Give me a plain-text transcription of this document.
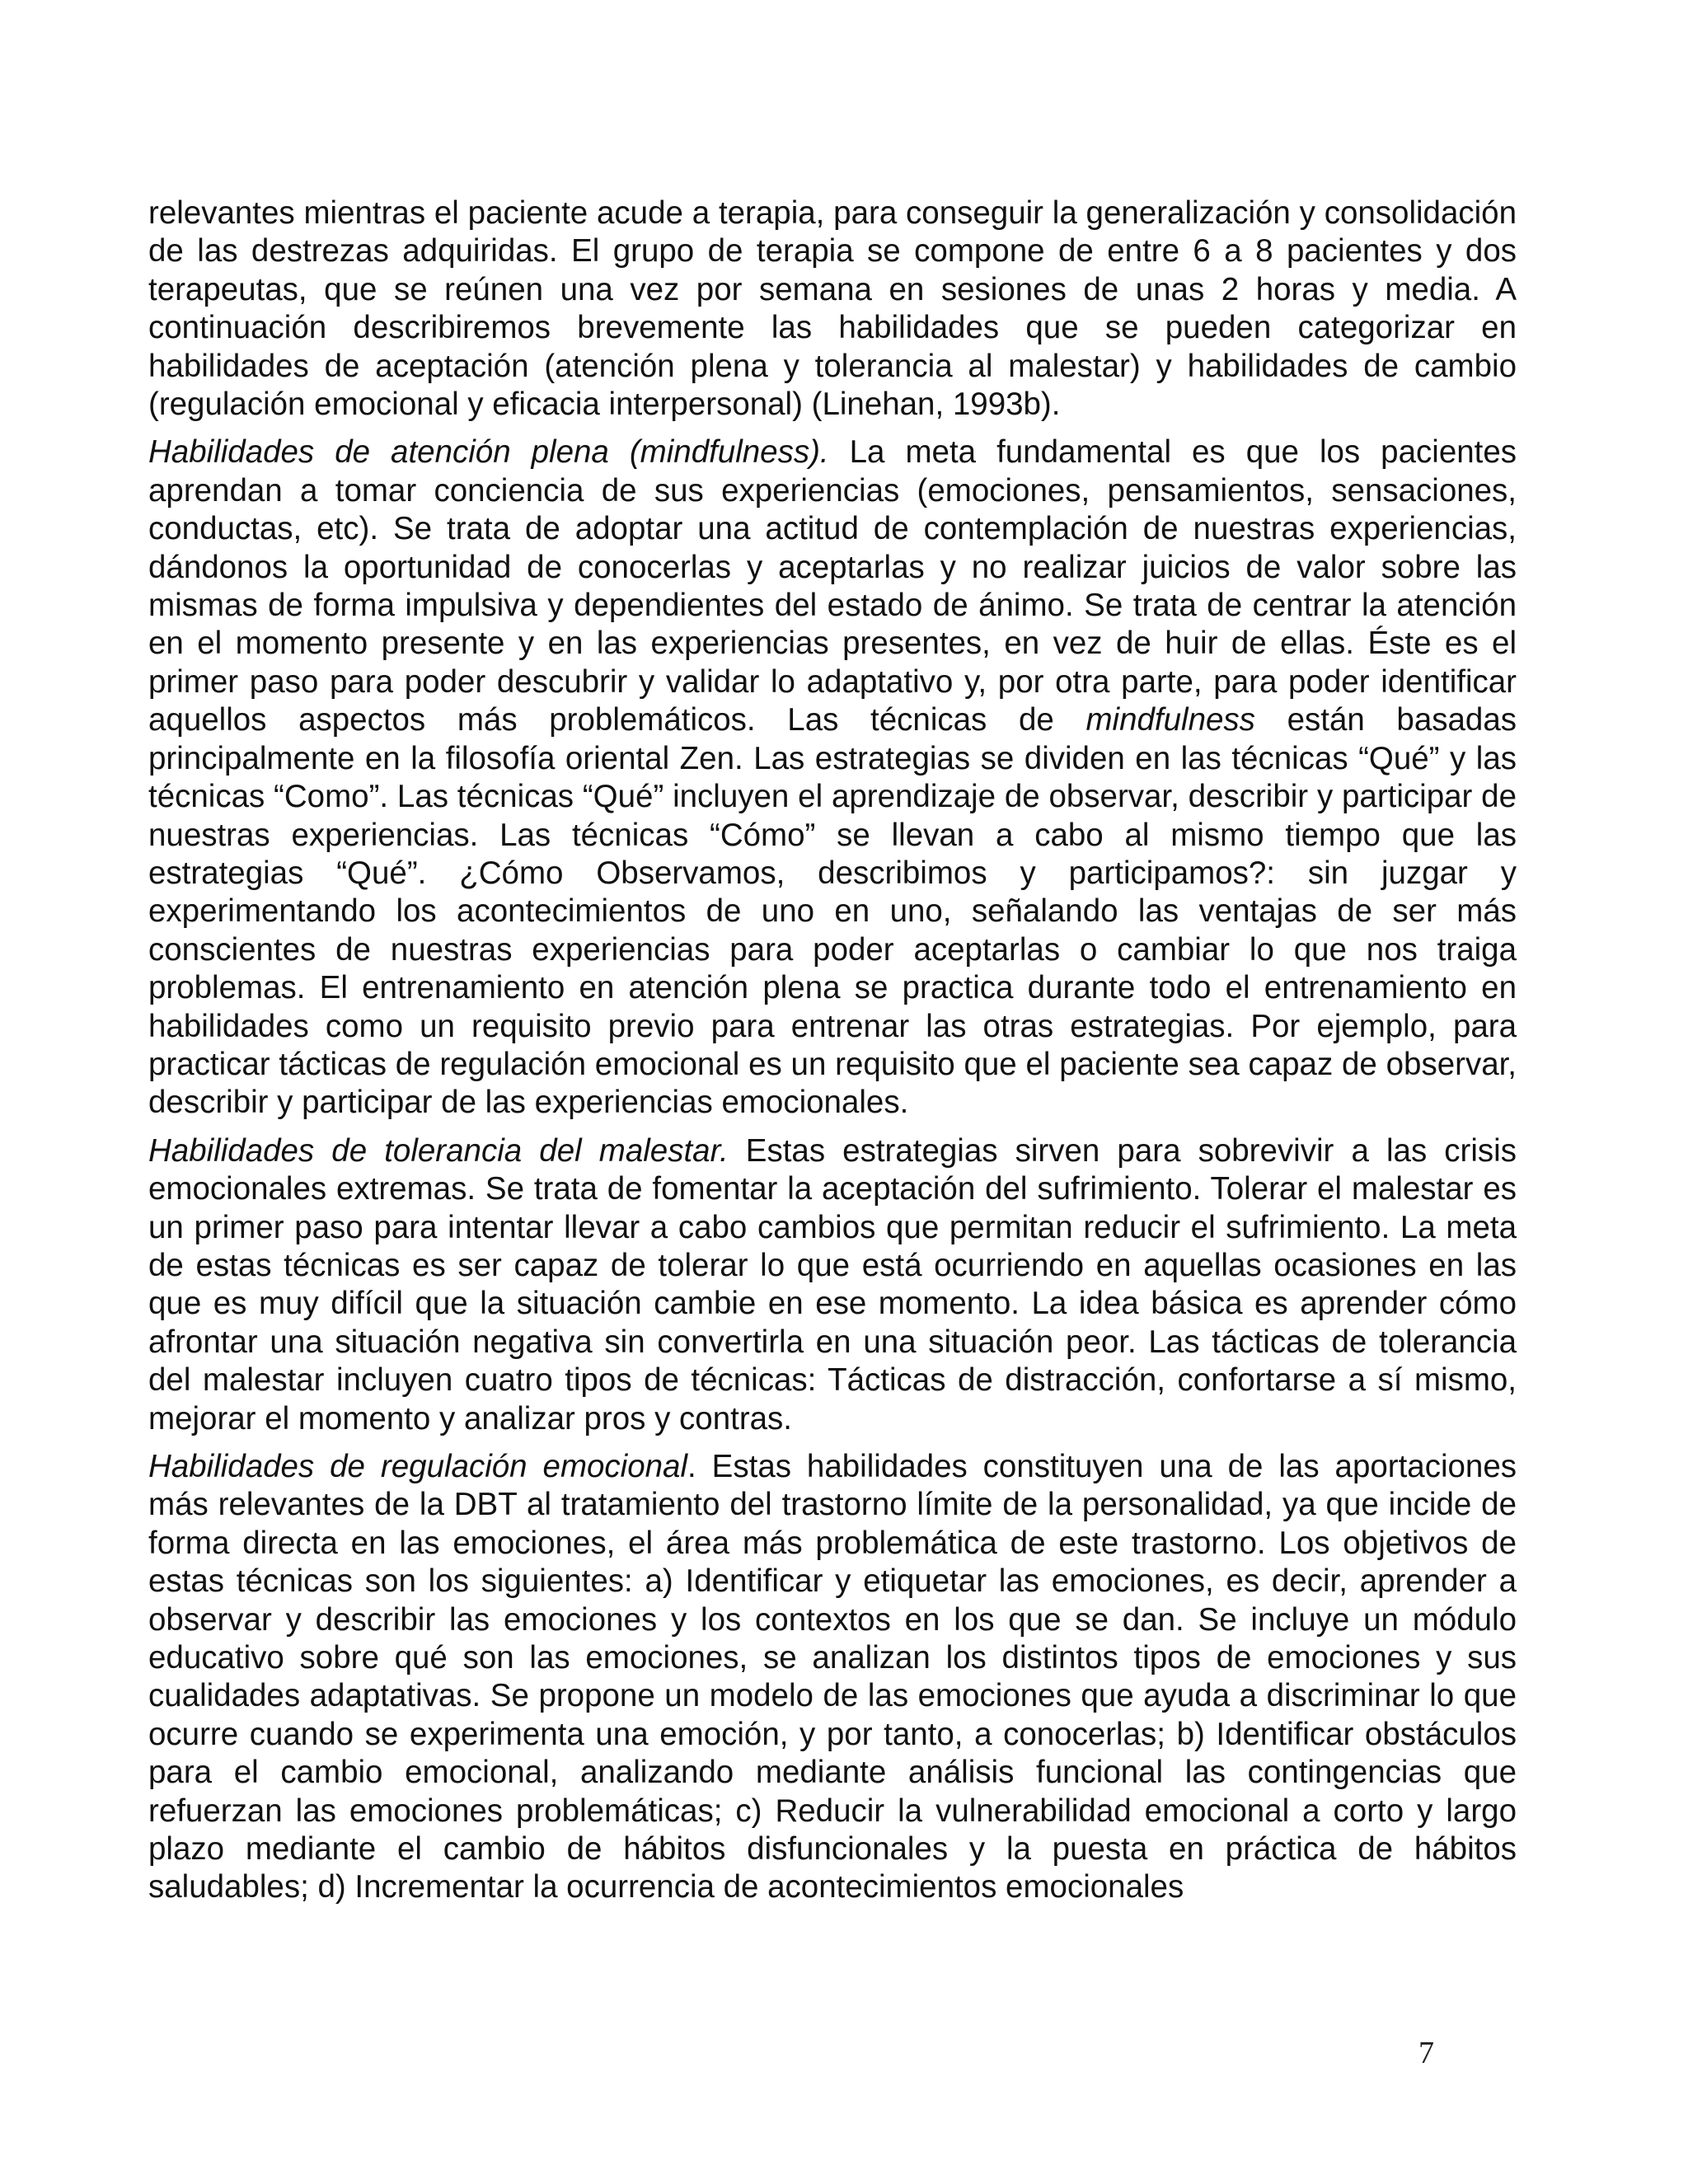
relevantes mientras el paciente acude a terapia, para conseguir la generalización y consolidación de las destrezas adquiridas. El grupo de terapia se compone de entre 6 a 8 pacientes y dos terapeutas, que se reúnen una vez por semana en sesiones de unas 2 horas y media. A continuación describiremos brevemente las habilidades que se pueden categorizar en habilidades de aceptación (atención plena y tolerancia al malestar) y habilidades de cambio (regulación emocional y eficacia interpersonal) (Linehan, 1993b).

Habilidades de atención plena (mindfulness). La meta fundamental es que los pacientes aprendan a tomar conciencia de sus experiencias (emociones, pensamientos, sensaciones, conductas, etc). Se trata de adoptar una actitud de contemplación de nuestras experiencias, dándonos la oportunidad de conocerlas y aceptarlas y no realizar juicios de valor sobre las mismas de forma impulsiva y dependientes del estado de ánimo. Se trata de centrar la atención en el momento presente y en las experiencias presentes, en vez de huir de ellas. Éste es el primer paso para poder descubrir y validar lo adaptativo y, por otra parte, para poder identificar aquellos aspectos más problemáticos. Las técnicas de mindfulness están basadas principalmente en la filosofía oriental Zen. Las estrategias se dividen en las técnicas “Qué” y las técnicas “Como”. Las técnicas “Qué” incluyen el aprendizaje de observar, describir y participar de nuestras experiencias. Las técnicas “Cómo” se llevan a cabo al mismo tiempo que las estrategias “Qué”. ¿Cómo Observamos, describimos y participamos?: sin juzgar y experimentando los acontecimientos de uno en uno, señalando las ventajas de ser más conscientes de nuestras experiencias para poder aceptarlas o cambiar lo que nos traiga problemas. El entrenamiento en atención plena se practica durante todo el entrenamiento en habilidades como un requisito previo para entrenar las otras estrategias. Por ejemplo, para practicar tácticas de regulación emocional es un requisito que el paciente sea capaz de observar, describir y participar de las experiencias emocionales.

Habilidades de tolerancia del malestar. Estas estrategias sirven para sobrevivir a las crisis emocionales extremas. Se trata de fomentar la aceptación del sufrimiento. Tolerar el malestar es un primer paso para intentar llevar a cabo cambios que permitan reducir el sufrimiento. La meta de estas técnicas es ser capaz de tolerar lo que está ocurriendo en aquellas ocasiones en las que es muy difícil que la situación cambie en ese momento. La idea básica es aprender cómo afrontar una situación negativa sin convertirla en una situación peor. Las tácticas de tolerancia del malestar incluyen cuatro tipos de técnicas: Tácticas de distracción, confortarse a sí mismo, mejorar el momento y analizar pros y contras.

Habilidades de regulación emocional. Estas habilidades constituyen una de las aportaciones más relevantes de la DBT al tratamiento del trastorno límite de la personalidad, ya que incide de forma directa en las emociones, el área más problemática de este trastorno. Los objetivos de estas técnicas son los siguientes: a) Identificar y etiquetar las emociones, es decir, aprender a observar y describir las emociones y los contextos en los que se dan. Se incluye un módulo educativo sobre qué son las emociones, se analizan los distintos tipos de emociones y sus cualidades adaptativas. Se propone un modelo de las emociones que ayuda a discriminar lo que ocurre cuando se experimenta una emoción, y por tanto, a conocerlas; b) Identificar obstáculos para el cambio emocional, analizando mediante análisis funcional las contingencias que refuerzan las emociones problemáticas; c) Reducir la vulnerabilidad emocional a corto y largo plazo mediante el cambio de hábitos disfuncionales y la puesta en práctica de hábitos saludables; d) Incrementar la ocurrencia de acontecimientos emocionales

7
